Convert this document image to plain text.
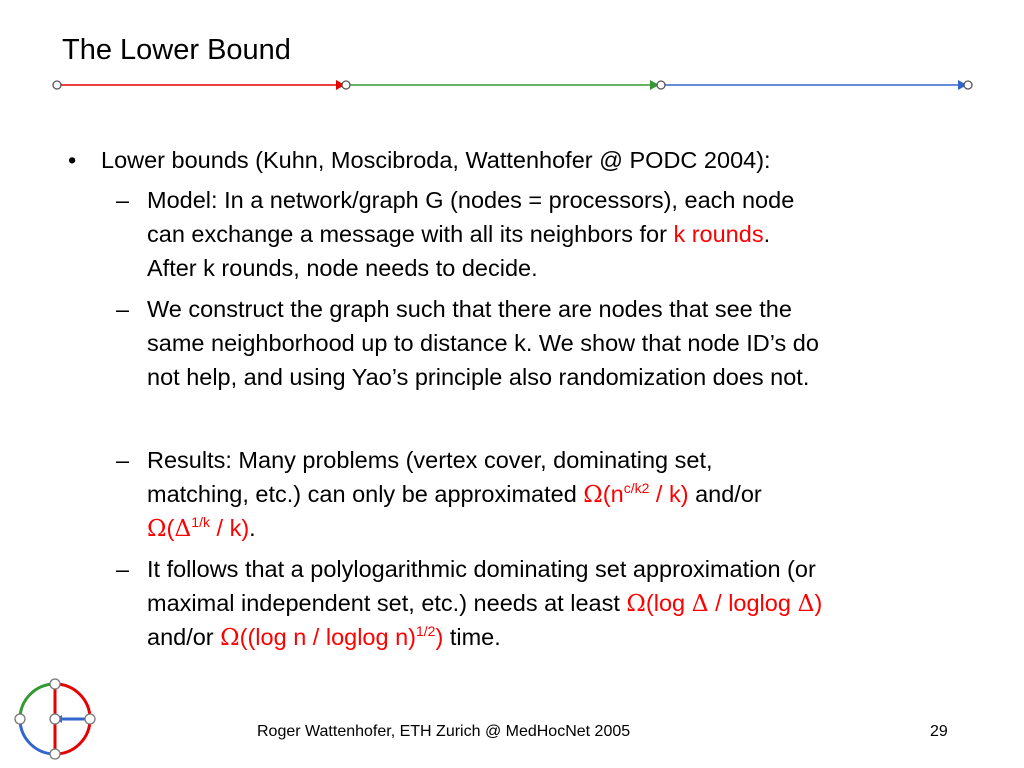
The Lower Bound
• Lower bounds (Kuhn, Moscibroda, Wattenhofer @ PODC 2004):
– Model: In a network/graph G (nodes = processors), each node
can exchange a message with all its neighbors for k rounds.
After k rounds, node needs to decide.
– We construct the graph such that there are nodes that see the
same neighborhood up to distance k. We show that node ID’s do
not help, and using Yao’s principle also randomization does not.
– Results: Many problems (vertex cover, dominating set,
matching, etc.) can only be approximated $\Omega(n^{c/k2} / k)$ and/or
$\Omega(\Delta^{1/k} / k)$.
– It follows that a polylogarithmic dominating set approximation (or
maximal independent set, etc.) needs at least Ω(log Δ / loglog Δ)
and/or Ω((log n / loglog n)$^{1/2}$) time.
Roger Wattenhofer, ETH Zurich @ MedHocNet 2005	29
